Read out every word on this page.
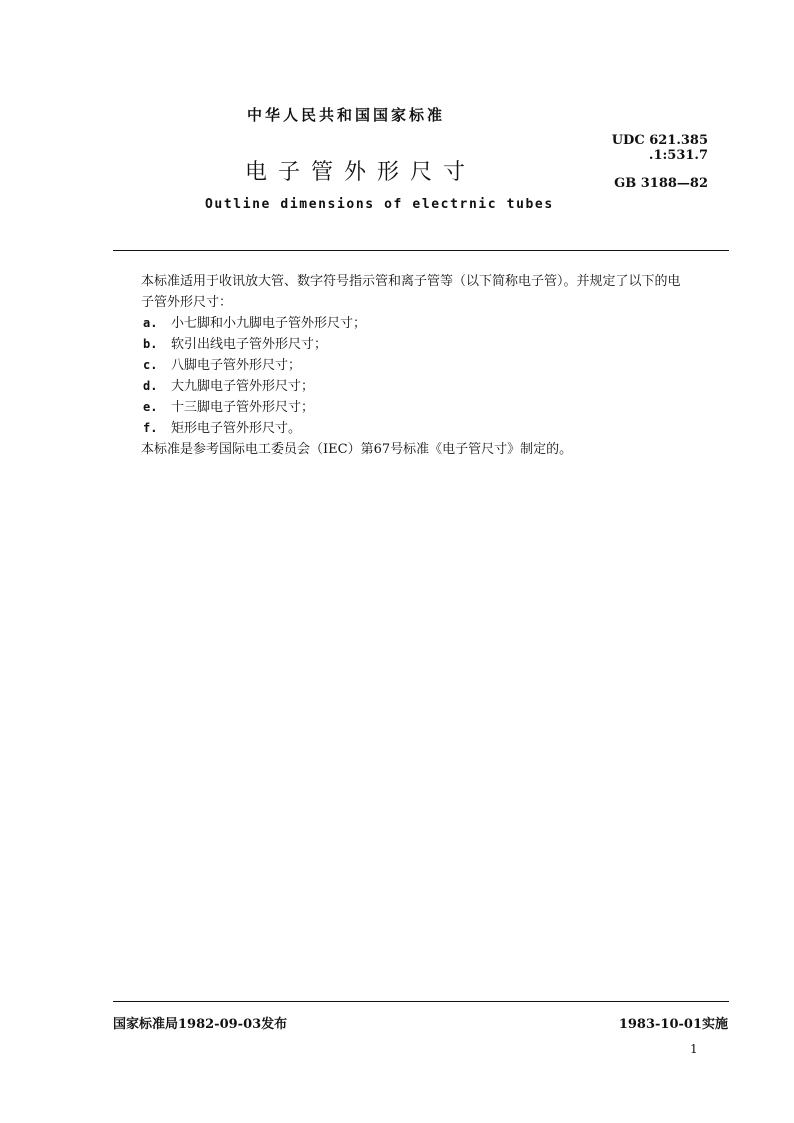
中华人民共和国国家标准
电子管外形尺寸
Outline dimensions of electrnic tubes
UDC 621.385
.1:531.7
GB 3188—82

本标准适用于收讯放大管、数字符号指示管和离子管等（以下简称电子管）。并规定了以下的电
子管外形尺寸：

a.	小七脚和小九脚电子管外形尺寸；
b.	软引出线电子管外形尺寸；
c.	八脚电子管外形尺寸；
d.	大九脚电子管外形尺寸；
e.	十三脚电子管外形尺寸；
f.	矩形电子管外形尺寸。

本标准是参考国际电工委员会（IEC）第67号标准《电子管尺寸》制定的。

国家标准局1982-09-03发布	1983-10-01实施
1
